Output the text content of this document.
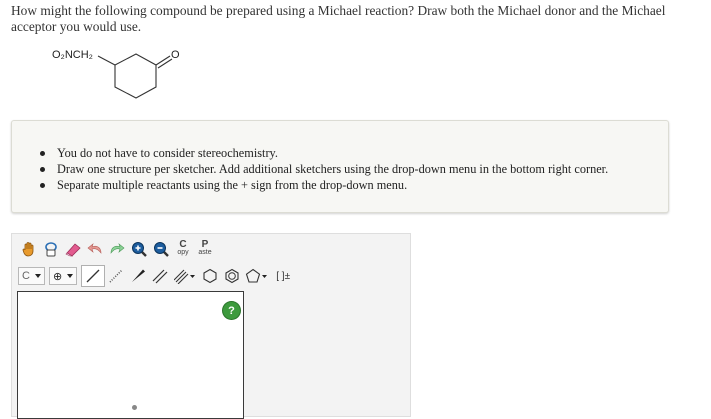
How might the following compound be prepared using a Michael reaction? Draw both the Michael donor and the Michael acceptor you would use.
O₂NCH₂	O
You do not have to consider stereochemistry.
Draw one structure per sketcher. Add additional sketchers using the drop-down menu in the bottom right corner.
Separate multiple reactants using the + sign from the drop-down menu.
C
opy
P
aste
C ⊕	[ ]±
?
